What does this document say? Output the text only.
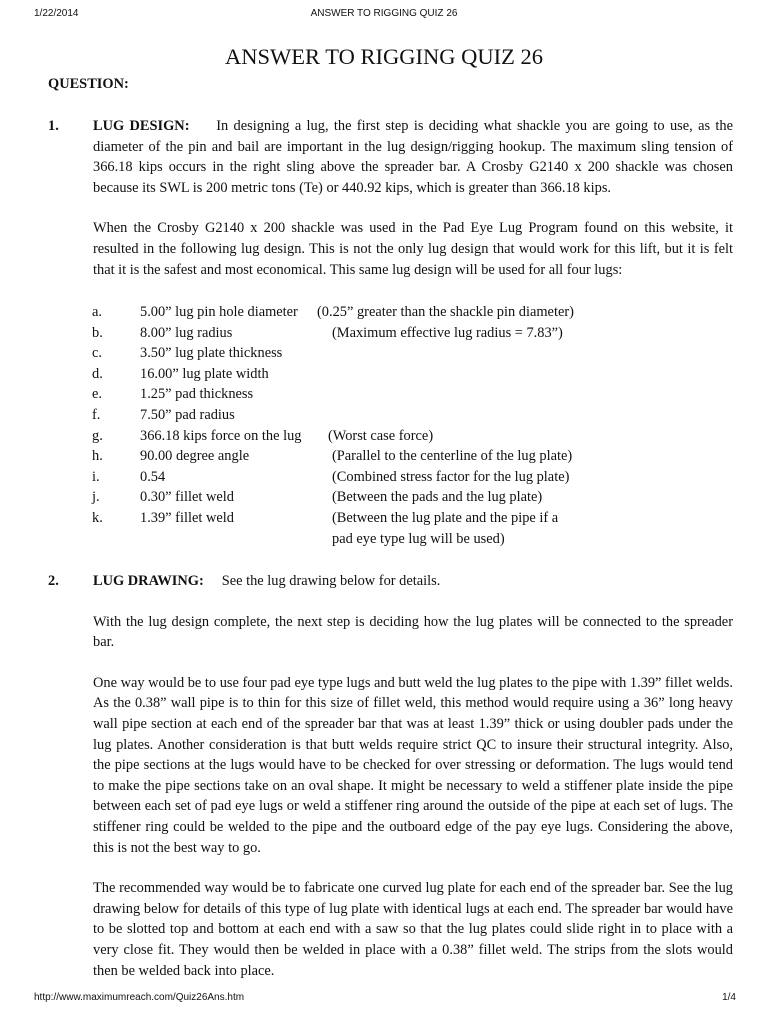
1/22/2014	ANSWER TO RIGGING QUIZ 26
ANSWER TO RIGGING QUIZ 26
QUESTION:
1. LUG DESIGN: In designing a lug, the first step is deciding what shackle you are going to use, as the diameter of the pin and bail are important in the lug design/rigging hookup. The maximum sling tension of 366.18 kips occurs in the right sling above the spreader bar. A Crosby G2140 x 200 shackle was chosen because its SWL is 200 metric tons (Te) or 440.92 kips, which is greater than 366.18 kips.

When the Crosby G2140 x 200 shackle was used in the Pad Eye Lug Program found on this website, it resulted in the following lug design. This is not the only lug design that would work for this lift, but it is felt that it is the safest and most economical. This same lug design will be used for all four lugs:

a.	5.00” lug pin hole diameter (0.25” greater than the shackle pin diameter)
b.	8.00” lug radius	(Maximum effective lug radius = 7.83”)
c.	3.50” lug plate thickness
d.	16.00” lug plate width
e.	1.25” pad thickness
f.	7.50” pad radius
g.	366.18 kips force on the lug (Worst case force)
h.	90.00 degree angle	(Parallel to the centerline of the lug plate)
i.	0.54	(Combined stress factor for the lug plate)
j.	0.30” fillet weld	(Between the pads and the lug plate)
k.	1.39” fillet weld	(Between the lug plate and the pipe if a
pad eye type lug will be used)
2. LUG DRAWING: See the lug drawing below for details.

With the lug design complete, the next step is deciding how the lug plates will be connected to the spreader bar.

One way would be to use four pad eye type lugs and butt weld the lug plates to the pipe with 1.39” fillet welds. As the 0.38” wall pipe is to thin for this size of fillet weld, this method would require using a 36” long heavy wall pipe section at each end of the spreader bar that was at least 1.39” thick or using doubler pads under the lug plates. Another consideration is that butt welds require strict QC to insure their structural integrity. Also, the pipe sections at the lugs would have to be checked for over stressing or deformation. The lugs would tend to make the pipe sections take on an oval shape. It might be necessary to weld a stiffener plate inside the pipe between each set of pad eye lugs or weld a stiffener ring around the outside of the pipe at each set of lugs. The stiffener ring could be welded to the pipe and the outboard edge of the pay eye lugs. Considering the above, this is not the best way to go.

The recommended way would be to fabricate one curved lug plate for each end of the spreader bar. See the lug drawing below for details of this type of lug plate with identical lugs at each end. The spreader bar would have to be slotted top and bottom at each end with a saw so that the lug plates could slide right in to place with a very close fit. They would then be welded in place with a 0.38” fillet weld. The strips from the slots would then be welded back into place.

http://www.maximumreach.com/Quiz26Ans.htm	1/4
